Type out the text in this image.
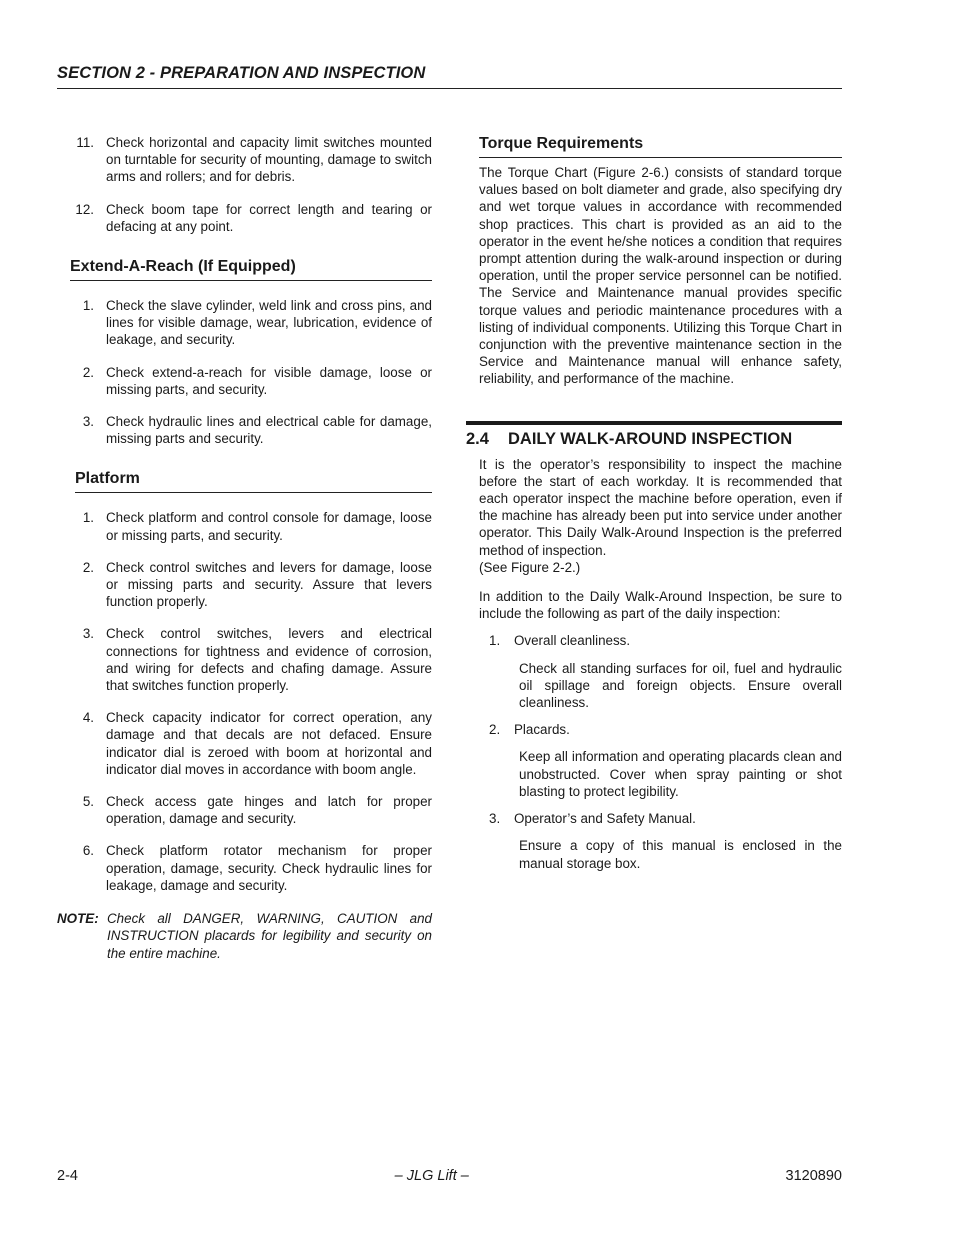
SECTION 2 - PREPARATION AND INSPECTION
11. Check horizontal and capacity limit switches mounted on turntable for security of mounting, damage to switch arms and rollers; and for debris.
12. Check boom tape for correct length and tearing or defacing at any point.
Extend-A-Reach (If Equipped)
1. Check the slave cylinder, weld link and cross pins, and lines for visible damage, wear, lubrication, evidence of leakage, and security.
2. Check extend-a-reach for visible damage, loose or missing parts, and security.
3. Check hydraulic lines and electrical cable for damage, missing parts and security.
Platform
1. Check platform and control console for damage, loose or missing parts, and security.
2. Check control switches and levers for damage, loose or missing parts and security. Assure that levers function properly.
3. Check control switches, levers and electrical connections for tightness and evidence of corrosion, and wiring for defects and chafing damage. Assure that switches function properly.
4. Check capacity indicator for correct operation, any damage and that decals are not defaced. Ensure indicator dial is zeroed with boom at horizontal and indicator dial moves in accordance with boom angle.
5. Check access gate hinges and latch for proper operation, damage and security.
6. Check platform rotator mechanism for proper operation, damage, security. Check hydraulic lines for leakage, damage and security.
NOTE: Check all DANGER, WARNING, CAUTION and INSTRUCTION placards for legibility and security on the entire machine.
Torque Requirements
The Torque Chart (Figure 2-6.) consists of standard torque values based on bolt diameter and grade, also specifying dry and wet torque values in accordance with recommended shop practices. This chart is provided as an aid to the operator in the event he/she notices a condition that requires prompt attention during the walk-around inspection or during operation, until the proper service personnel can be notified. The Service and Maintenance manual provides specific torque values and periodic maintenance procedures with a listing of individual components. Utilizing this Torque Chart in conjunction with the preventive maintenance section in the Service and Maintenance manual will enhance safety, reliability, and performance of the machine.
2.4	DAILY WALK-AROUND INSPECTION
It is the operator’s responsibility to inspect the machine before the start of each workday. It is recommended that each operator inspect the machine before operation, even if the machine has already been put into service under another operator. This Daily Walk-Around Inspection is the preferred method of inspection.
(See Figure 2-2.)
In addition to the Daily Walk-Around Inspection, be sure to include the following as part of the daily inspection:
1.	Overall cleanliness.
Check all standing surfaces for oil, fuel and hydraulic oil spillage and foreign objects. Ensure overall cleanliness.
2.	Placards.
Keep all information and operating placards clean and unobstructed. Cover when spray painting or shot blasting to protect legibility.
3.	Operator’s and Safety Manual.
Ensure a copy of this manual is enclosed in the manual storage box.
2-4	– JLG Lift –	3120890
